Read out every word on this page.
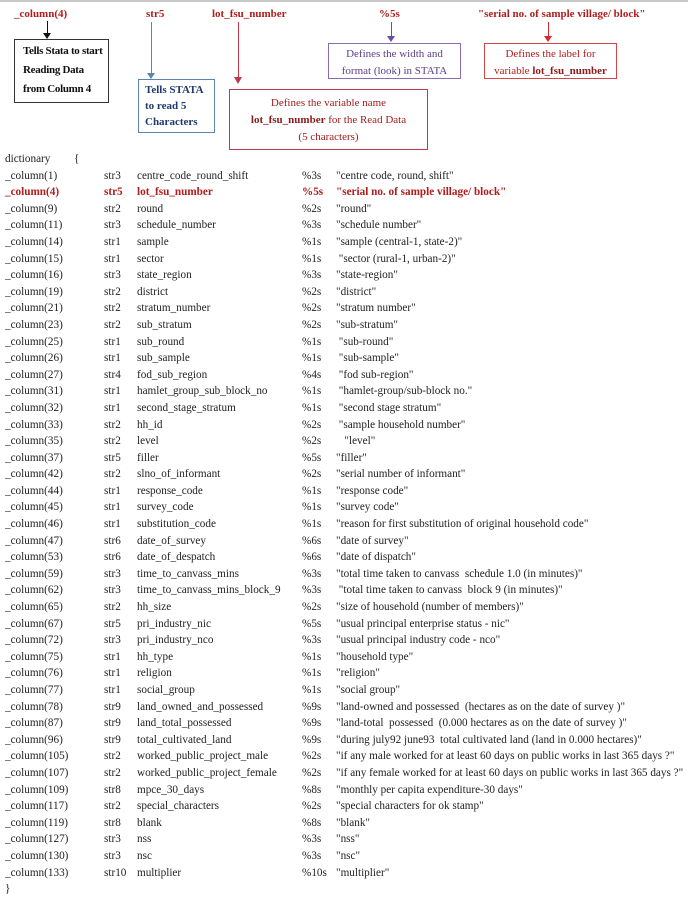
_column(4)
Tells Stata to start
Reading Data
from Column 4
str5
Tells STATA
to read 5
Characters
lot_fsu_number
Defines the variable name
lot_fsu_number for the Read Data
(5 characters)
%5s
Defines the width and
format (look) in STATA
"serial no. of sample village/ block"
Defines the label for
variable lot_fsu_number
dictionary {
_column(1)	str3 centre_code_round_shift	%3s "centre code, round, shift"
_column(4)	str5 lot_fsu_number	%5s "serial no. of sample village/ block"
_column(9)	str2 round	%2s "round"
_column(11)	str3 schedule_number	%3s "schedule number"
_column(14)	str1 sample	%1s "sample (central-1, state-2)"
_column(15)	str1 sector	%1s "sector (rural-1, urban-2)"
_column(16)	str3 state_region	%3s "state-region"
_column(19)	str2 district	%2s "district"
_column(21)	str2 stratum_number	%2s "stratum number"
_column(23)	str2 sub_stratum	%2s "sub-stratum"
_column(25)	str1 sub_round	%1s "sub-round"
_column(26)	str1 sub_sample	%1s "sub-sample"
_column(27)	str4 fod_sub_region	%4s "fod sub-region"
_column(31)	str1 hamlet_group_sub_block_no	%1s "hamlet-group/sub-block no."
_column(32)	str1 second_stage_stratum	%1s "second stage stratum"
_column(33)	str2 hh_id	%2s "sample household number"
_column(35)	str2 level	%2s "level"
_column(37)	str5 filler	%5s "filler"
_column(42)	str2 slno_of_informant	%2s "serial number of informant"
_column(44)	str1 response_code	%1s "response code"
_column(45)	str1 survey_code	%1s "survey code"
_column(46)	str1 substitution_code	%1s "reason for first substitution of original household code"
_column(47)	str6 date_of_survey	%6s "date of survey"
_column(53)	str6 date_of_despatch	%6s "date of dispatch"
_column(59)	str3 time_to_canvass_mins	%3s "total time taken to canvass  schedule 1.0 (in minutes)"
_column(62)	str3 time_to_canvass_mins_block_9 %3s "total time taken to canvass  block 9 (in minutes)"
_column(65)	str2 hh_size	%2s "size of household (number of members)"
_column(67)	str5 pri_industry_nic	%5s "usual principal enterprise status - nic"
_column(72)	str3 pri_industry_nco	%3s "usual principal industry code - nco"
_column(75)	str1 hh_type	%1s "household type"
_column(76)	str1 religion	%1s "religion"
_column(77)	str1 social_group	%1s "social group"
_column(78)	str9 land_owned_and_possessed	%9s "land-owned and possessed  (hectares as on the date of survey )"
_column(87)	str9 land_total_possessed	%9s "land-total  possessed  (0.000 hectares as on the date of survey )"
_column(96)	str9 total_cultivated_land	%9s "during july92 june93  total cultivated land (land in 0.000 hectares)"
_column(105)	str2 worked_public_project_male	%2s "if any male worked for at least 60 days on public works in last 365 days ?"
_column(107)	str2 worked_public_project_female %2s "if any female worked for at least 60 days on public works in last 365 days ?"
_column(109)	str8 mpce_30_days	%8s "monthly per capita expenditure-30 days"
_column(117)	str2 special_characters	%2s "special characters for ok stamp"
_column(119)	str8 blank	%8s "blank"
_column(127)	str3 nss	%3s "nss"
_column(130)	str3 nsc	%3s "nsc"
_column(133)	str10 multiplier	%10s "multiplier"
}
